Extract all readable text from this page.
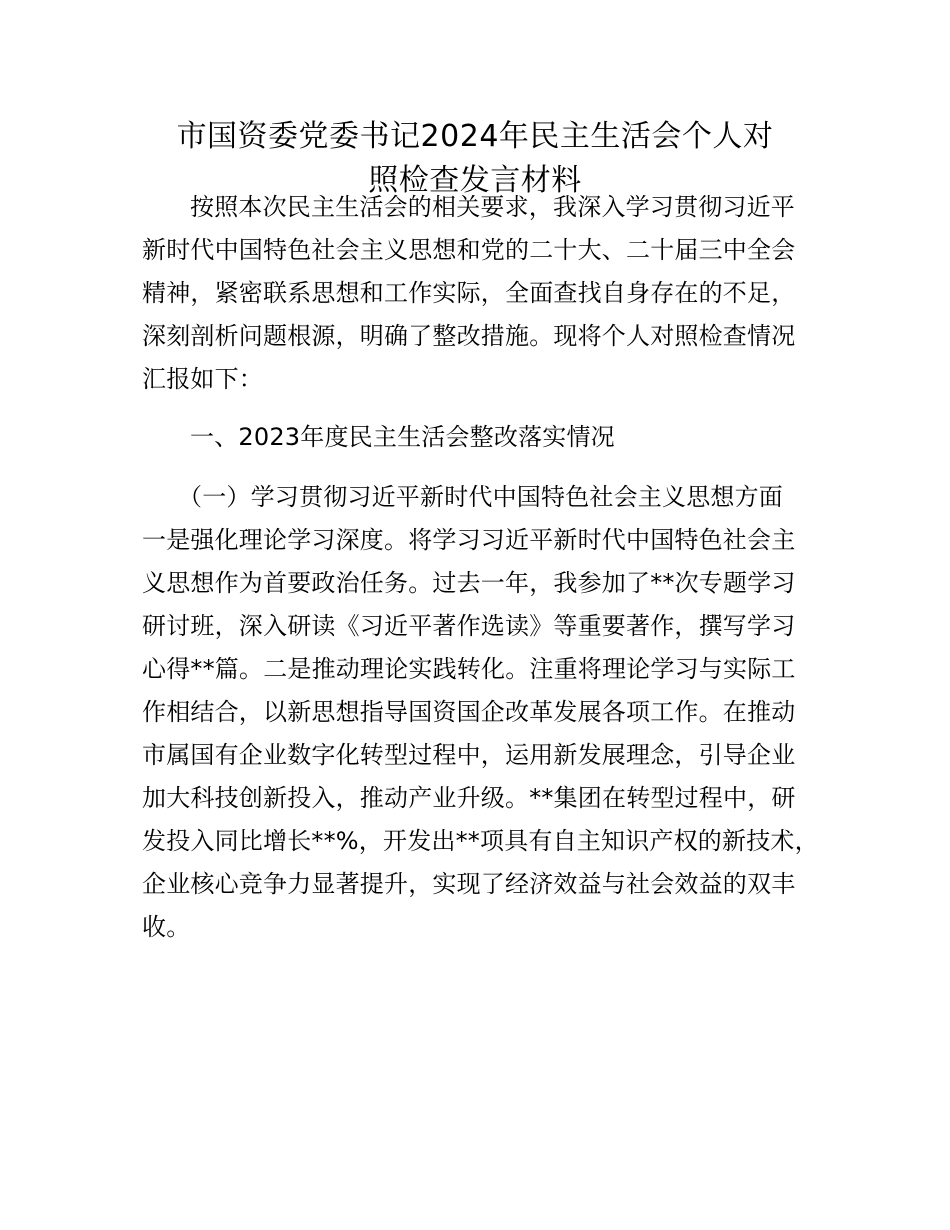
市国资委党委书记2024年民主生活会个人对
照检查发言材料

按照本次民主生活会的相关要求，我深入学习贯彻习近平

新时代中国特色社会主义思想和党的二十大、二十届三中全会

精神，紧密联系思想和工作实际，全面查找自身存在的不足，

深刻剖析问题根源，明确了整改措施。现将个人对照检查情况

汇报如下：

一、2023年度民主生活会整改落实情况

（一）学习贯彻习近平新时代中国特色社会主义思想方面

一是强化理论学习深度。将学习习近平新时代中国特色社会主

义思想作为首要政治任务。过去一年，我参加了**次专题学习

研讨班，深入研读《习近平著作选读》等重要著作，撰写学习

心得**篇。二是推动理论实践转化。注重将理论学习与实际工

作相结合，以新思想指导国资国企改革发展各项工作。在推动

市属国有企业数字化转型过程中，运用新发展理念，引导企业

加大科技创新投入，推动产业升级。**集团在转型过程中，研

发投入同比增长**%，开发出**项具有自主知识产权的新技术，

企业核心竞争力显著提升，实现了经济效益与社会效益的双丰

收。
